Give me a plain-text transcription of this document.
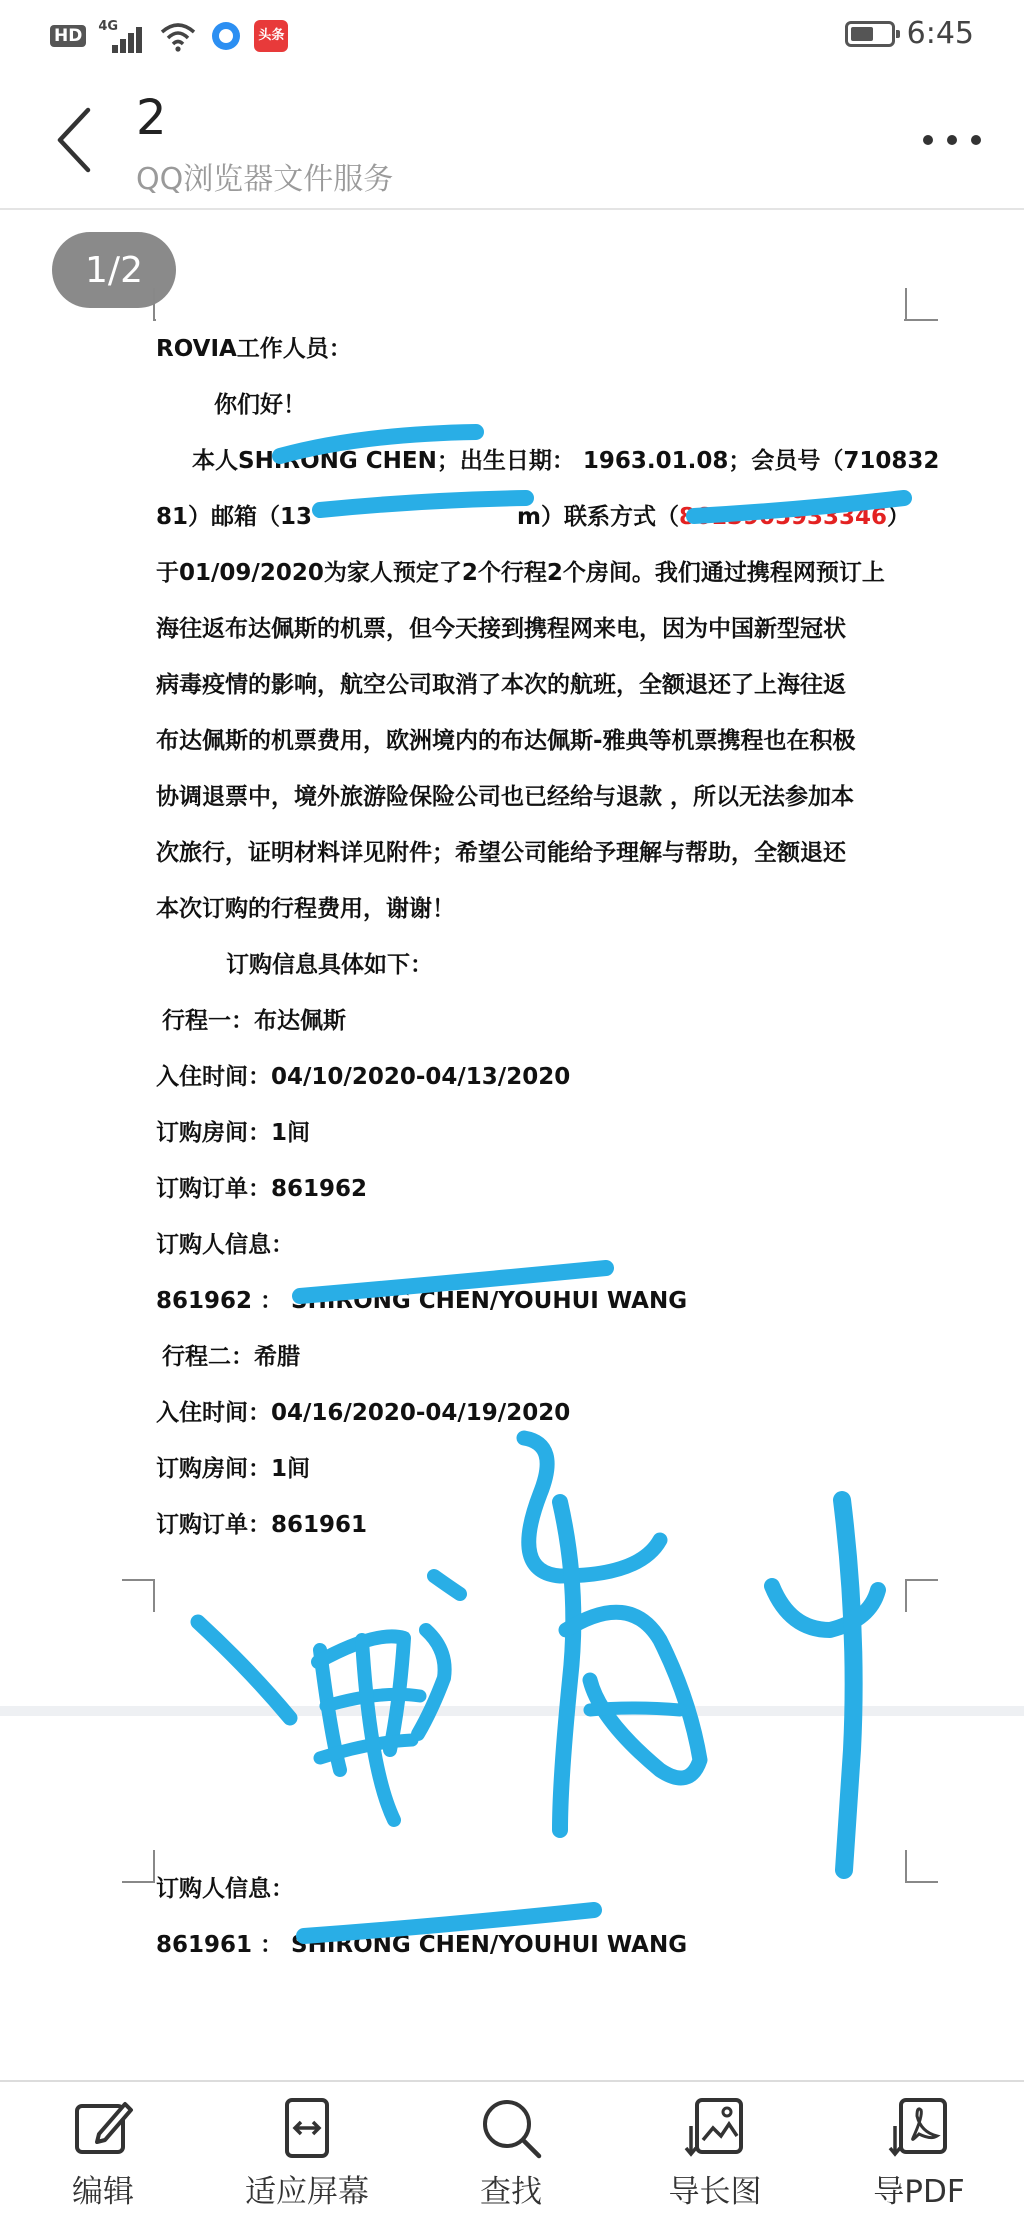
HD	4G
头条	6:45
2
QQ浏览器文件服务
1/2
ROVIA工作人员：
你们好！
本人SHIRONG CHEN；出生日期： 1963.01.08；会员号（710832
81）邮箱（13	m）联系方式（8613905933346）
于01/09/2020为家人预定了2个行程2个房间。我们通过携程网预订上
海往返布达佩斯的机票，但今天接到携程网来电，因为中国新型冠状
病毒疫情的影响，航空公司取消了本次的航班，全额退还了上海往返
布达佩斯的机票费用，欧洲境内的布达佩斯-雅典等机票携程也在积极
协调退票中，境外旅游险保险公司也已经给与退款 ，所以无法参加本
次旅行，证明材料详见附件；希望公司能给予理解与帮助，全额退还
本次订购的行程费用，谢谢！
订购信息具体如下：
行程一：布达佩斯
入住时间：04/10/2020-04/13/2020
订购房间：1间
订购订单：861962
订购人信息：
861962 ： SHIRONG CHEN/YOUHUI WANG
行程二：希腊
入住时间：04/16/2020-04/19/2020
订购房间：1间
订购订单：861961
订购人信息：
861961 ： SHIRONG CHEN/YOUHUI WANG
编辑	适应屏幕	查找	导长图	导PDF
